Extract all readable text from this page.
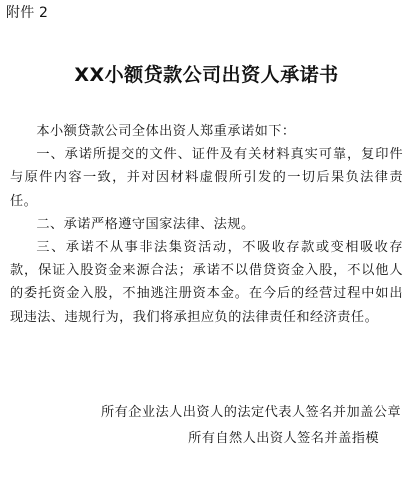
附件 2
XX小额贷款公司出资人承诺书

本小额贷款公司全体出资人郑重承诺如下：

一、承诺所提交的文件、证件及有关材料真实可靠，复印件与原件内容一致，并对因材料虚假所引发的一切后果负法律责任。

二、承诺严格遵守国家法律、法规。

三、承诺不从事非法集资活动，不吸收存款或变相吸收存款，保证入股资金来源合法；承诺不以借贷资金入股，不以他人的委托资金入股，不抽逃注册资本金。在今后的经营过程中如出现违法、违规行为，我们将承担应负的法律责任和经济责任。

所有企业法人出资人的法定代表人签名并加盖公章
所有自然人出资人签名并盖指模
